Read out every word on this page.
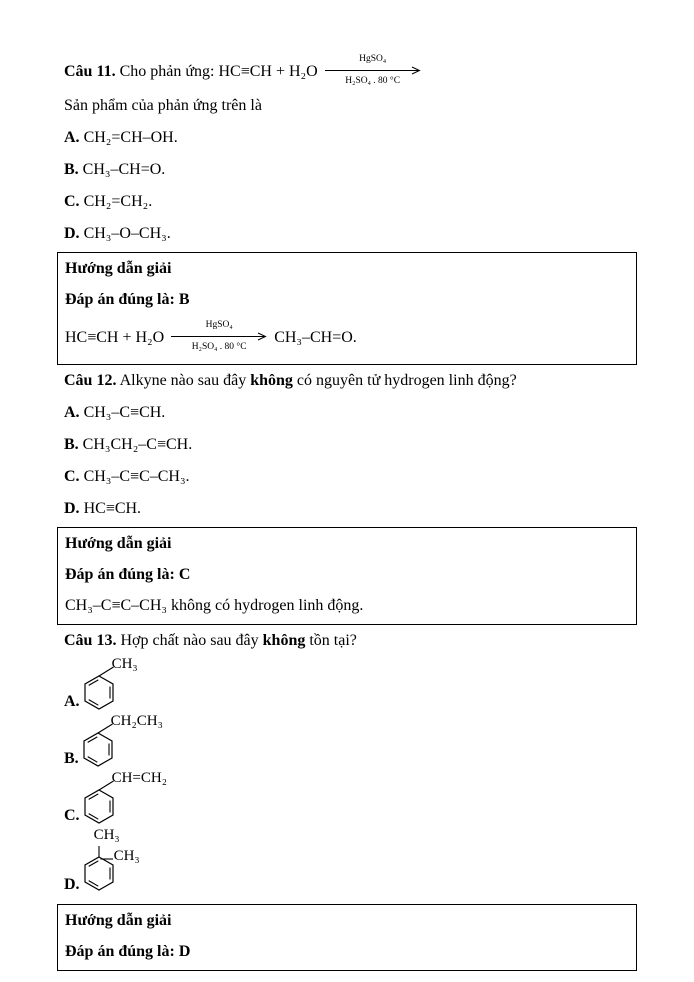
Câu 11. Cho phản ứng: HC≡CH + H₂O
HgSO₄
H₂SO₄ . 80 °C

Sản phẩm của phản ứng trên là

A. CH₂=CH–OH.

B. CH₃–CH=O.

C. CH₂=CH₂.

D. CH₃–O–CH₃.

Hướng dẫn giải

Đáp án đúng là: B

HC≡CH + H₂O
HgSO₄
H₂SO₄ . 80 °C
CH₃–CH=O.

Câu 12. Alkyne nào sau đây không có nguyên tử hydrogen linh động?

A. CH₃–C≡CH.

B. CH₃CH₂–C≡CH.

C. CH₃–C≡C–CH₃.

D. HC≡CH.

Hướng dẫn giải

Đáp án đúng là: C

CH₃–C≡C–CH₃ không có hydrogen linh động.

Câu 13. Hợp chất nào sau đây không tồn tại?

A.
CH₃
B.
CH₂CH₃
C.
CH=CH₂
D.
CH₃
CH₃

Hướng dẫn giải

Đáp án đúng là: D
